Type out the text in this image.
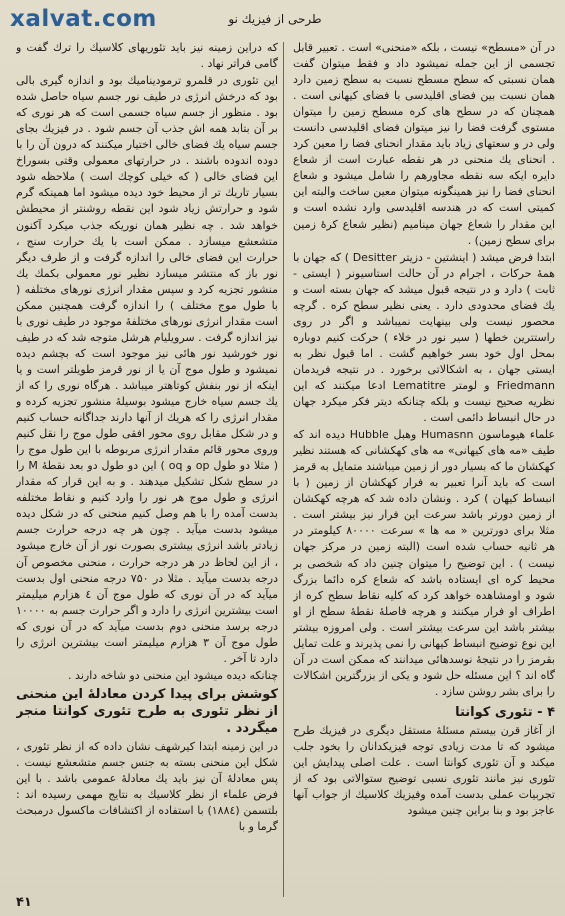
xalvat.com	طرحی از فیزیك نو

در آن «مسطح» نیست ، بلکه «منحنی» است . تعبیر قابل تجسمی از این جمله نمیشود داد و فقط میتوان گفت همان نسبتی که سطح مسطح نسبت به سطح زمین دارد همان نسبت بین فضای اقلیدسی با فضای کیهانی است . همچنان که در سطح های کره مسطح زمین را میتوان مستوی گرفت فضا را نیز میتوان فضای اقلیدسی دانست ولی در و سعتهای زیاد باید مقدار انحنای فضا را معین کرد . انحنای یك منحنی در هر نقطه عبارت است از شعاع دایره ایکه سه نقطه مجاورهم را شامل میشود و شعاع انحنای فضا را نیز همینگونه میتوان معین ساخت والبته این کمیتی است که در هندسه اقلیدسی وارد نشده است و این مقدار را شعاع جهان مینامیم (نظیر شعاع کرهٔ زمین برای سطح زمین) .

ابتدا فرض میشد ( اینشتین - دزیتر Desitter ) که جهان با همهٔ حرکات ، اجرام در آن حالت استاسیونر ( ایستی - ثابت ) دارد و در نتیجه قبول میشد که جهان بسته است و یك فضای محدودی دارد . یعنی نظیر سطح کره . گرچه محصور نیست ولی بینهایت نمیباشد و اگر در روی راستترین خطها ( سیر نور در خلاء ) حرکت کنیم دوباره بمحل اول خود بسر خواهیم گشت . اما قبول نظر به ایستی جهان ، به اشکالاتی برخورد . در نتیجه فریدمان Friedmann و لومتر Lematitre ادعا میکنند که این نظریه صحیح نیست و بلکه چنانکه دیتر فکر میکرد جهان در حال انبساط دائمی است .

علماء هیوماسون Humasnn وهبل Hubble دیده اند که طیف «مه های کیهانی» مه های کهکشانی که هستند نظیر کهکشان ما که بسیار دور از زمین میباشند متمایل به قرمز است که باید آنرا تعبیر به فرار کهکشان از زمین ( با انبساط کیهان ) کرد . ونشان داده شد که هرچه کهکشان از زمین دورتر باشد سرعت این فرار نیز بیشتر است . مثلا برای دورترین « مه ها » سرعت ۸۰۰۰۰ کیلومتر در هر ثانیه حساب شده است (البته زمین در مرکز جهان نیست ) . این توضیح را میتوان چنین داد که شخصی بر محیط کره ای ایستاده باشد که شعاع کره دائما بزرگ شود و اومشاهده خواهد کرد که کلیه نقاط سطح کره از اطراف او فرار میکنند و هرچه فاصلهٔ نقطهٔ سطح از او بیشتر باشد این سرعت بیشتر است . ولی امروزه بیشتر این نوع توضیح انبساط کیهانی را نمی پذیرند و علت تمایل بقرمز را در نتیجهٔ نوسدهائی میدانند که ممکن است در آن گاه اند ؟ این مسئله حل شود و یکی از بزرگترین اشکالات را برای بشر روشن سازد .

۴ - تئوری کوانتا

از آغاز قرن بیستم مسئلهٔ مستقل دیگری در فیزیك طرح میشود که تا مدت زیادی توجه فیزیکدانان را بخود جلب میکند و آن تئوری کوانتا است . علت اصلی پیدایش این تئوری نیز مانند تئوری نسبی توضیح ستوالاتی بود که از تجربیات عملی بدست آمده وفیزیك کلاسیك از جواب آنها عاجز بود و بنا براین چنین میشود

که دراین زمینه نیز باید تئوریهای کلاسیك را ترك گفت و گامی فراتر نهاد .

این تئوری در قلمرو ترمودینامیك بود و اندازه گیری بالی بود که درخش انرژی در طیف نور جسم سیاه حاصل شده بود . منظور از جسم سیاه جسمی است که هر نوری که بر آن بتابد همه اش جذب آن جسم شود . در فیزیك بجای جسم سیاه یك فضای خالی اختیار میکنند که درون آن را با دوده اندوده باشند . در حرارتهای معمولی وقتی بسوراخ این فضای خالی ( که خیلی کوچك است ) ملاحظه شود بسیار تاریك تر از محیط خود دیده میشود اما همینکه گرم شود و حرارتش زیاد شود این نقطه روشنتر از محیطش خواهد شد . چه نظیر همان نوریکه جذب میکرد آکنون متشعشع میسازد . ممکن است با یك حرارت سنج ، حرارت این فضای خالی را اندازه گرفت و از طرف دیگر نور باز که منتشر میسازد نظیر نور معمولی بکمك یك منشور تجزیه کرد و سپس مقدار انرژی نورهای مختلفه ( با طول موج مختلف ) را اندازه گرفت همچنین ممکن است مقدار انرژی نورهای مختلفهٔ موجود در طیف نوری با نیز اندازه گرفت . سرویلیام هرشل متوجه شد که در طیف نور خورشید نور هائی نیز موجود است که بچشم دیده نمیشود و طول موج آن یا از نور قرمز طویلتر است و یا اینکه از نور بنفش کوتاهتر میباشد . هرگاه نوری را که از یك جسم سیاه خارج میشود بوسیلهٔ منشور تجزیه کرده و مقدار انرژی را که هریك از آنها دارند جداگانه حساب کنیم و در شکل مقابل روی محور افقی طول موج را نقل کنیم وروی محور قائم مقدار انرژی مربوطه با این طول موج را ( مثلا دو طول op و oq ) این دو طول دو بعد نقطهٔ M را در سطح شکل تشکیل میدهند . و به این قرار که مقدار انرژی و طول موج هر نور را وارد کنیم و نقاط مختلفه بدست آمده را با هم وصل کنیم منحنی که در شکل دیده میشود بدست میآید . چون هر چه درجه حرارت جسم زیادتر باشد انرژی بیشتری بصورت نور از آن خارج میشود ، از این لحاظ در هر درجه حرارت ، منحنی مخصوص آن درجه بدست میآید . مثلا در ۷۵۰ درجه منحنی اول بدست میآید که در آن نوری که طول موج آن ٤ هزارم میلیمتر است بیشترین انرژی را دارد و اگر حرارت جسم به ۱۰۰۰۰ درجه برسد منحنی دوم بدست میآید که در آن نوری که طول موج آن ۳ هزارم میلیمتر است بیشترین انرژی را دارد تا آخر .

چنانکه دیده میشود این منحنی دو شاخه دارند .

کوشش برای پیدا کردن معادلهٔ این منحنی از نظر تئوری به طرح تئوری کوانتا منجر میگردد .

در این زمینه ابتدا کیرشهف نشان داده که از نظر تئوری ، شکل این منحنی بسته به جنس جسم متشعشع نیست . پس معادلهٔ آن نیز باید یك معادلهٔ عمومی باشد . با این فرض علماء از نظر کلاسیك به نتایج مهمی رسیده اند : بلتسمن (۱۸۸٤) با استفاده از اکتشافات ماکسول درمبحث گرما و با

۴۱
